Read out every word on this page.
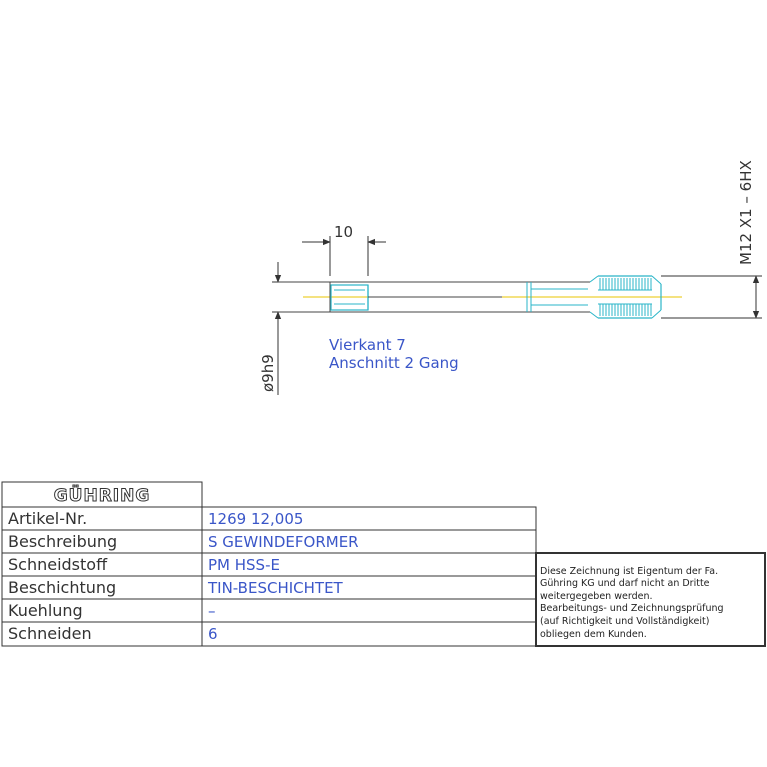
10
ø9h9
M12 X1 – 6HX
Vierkant 7
Anschnitt 2 Gang
GÜHRING
Artikel-Nr.	1269 12,005
Beschreibung	S GEWINDEFORMER
Schneidstoff	PM HSS-E
Beschichtung	TIN-BESCHICHTET
Kuehlung	–
Schneiden	6
Diese Zeichnung ist Eigentum der Fa.
Gühring KG und darf nicht an Dritte
weitergegeben werden.
Bearbeitungs- und Zeichnungsprüfung
(auf Richtigkeit und Vollständigkeit)
obliegen dem Kunden.
